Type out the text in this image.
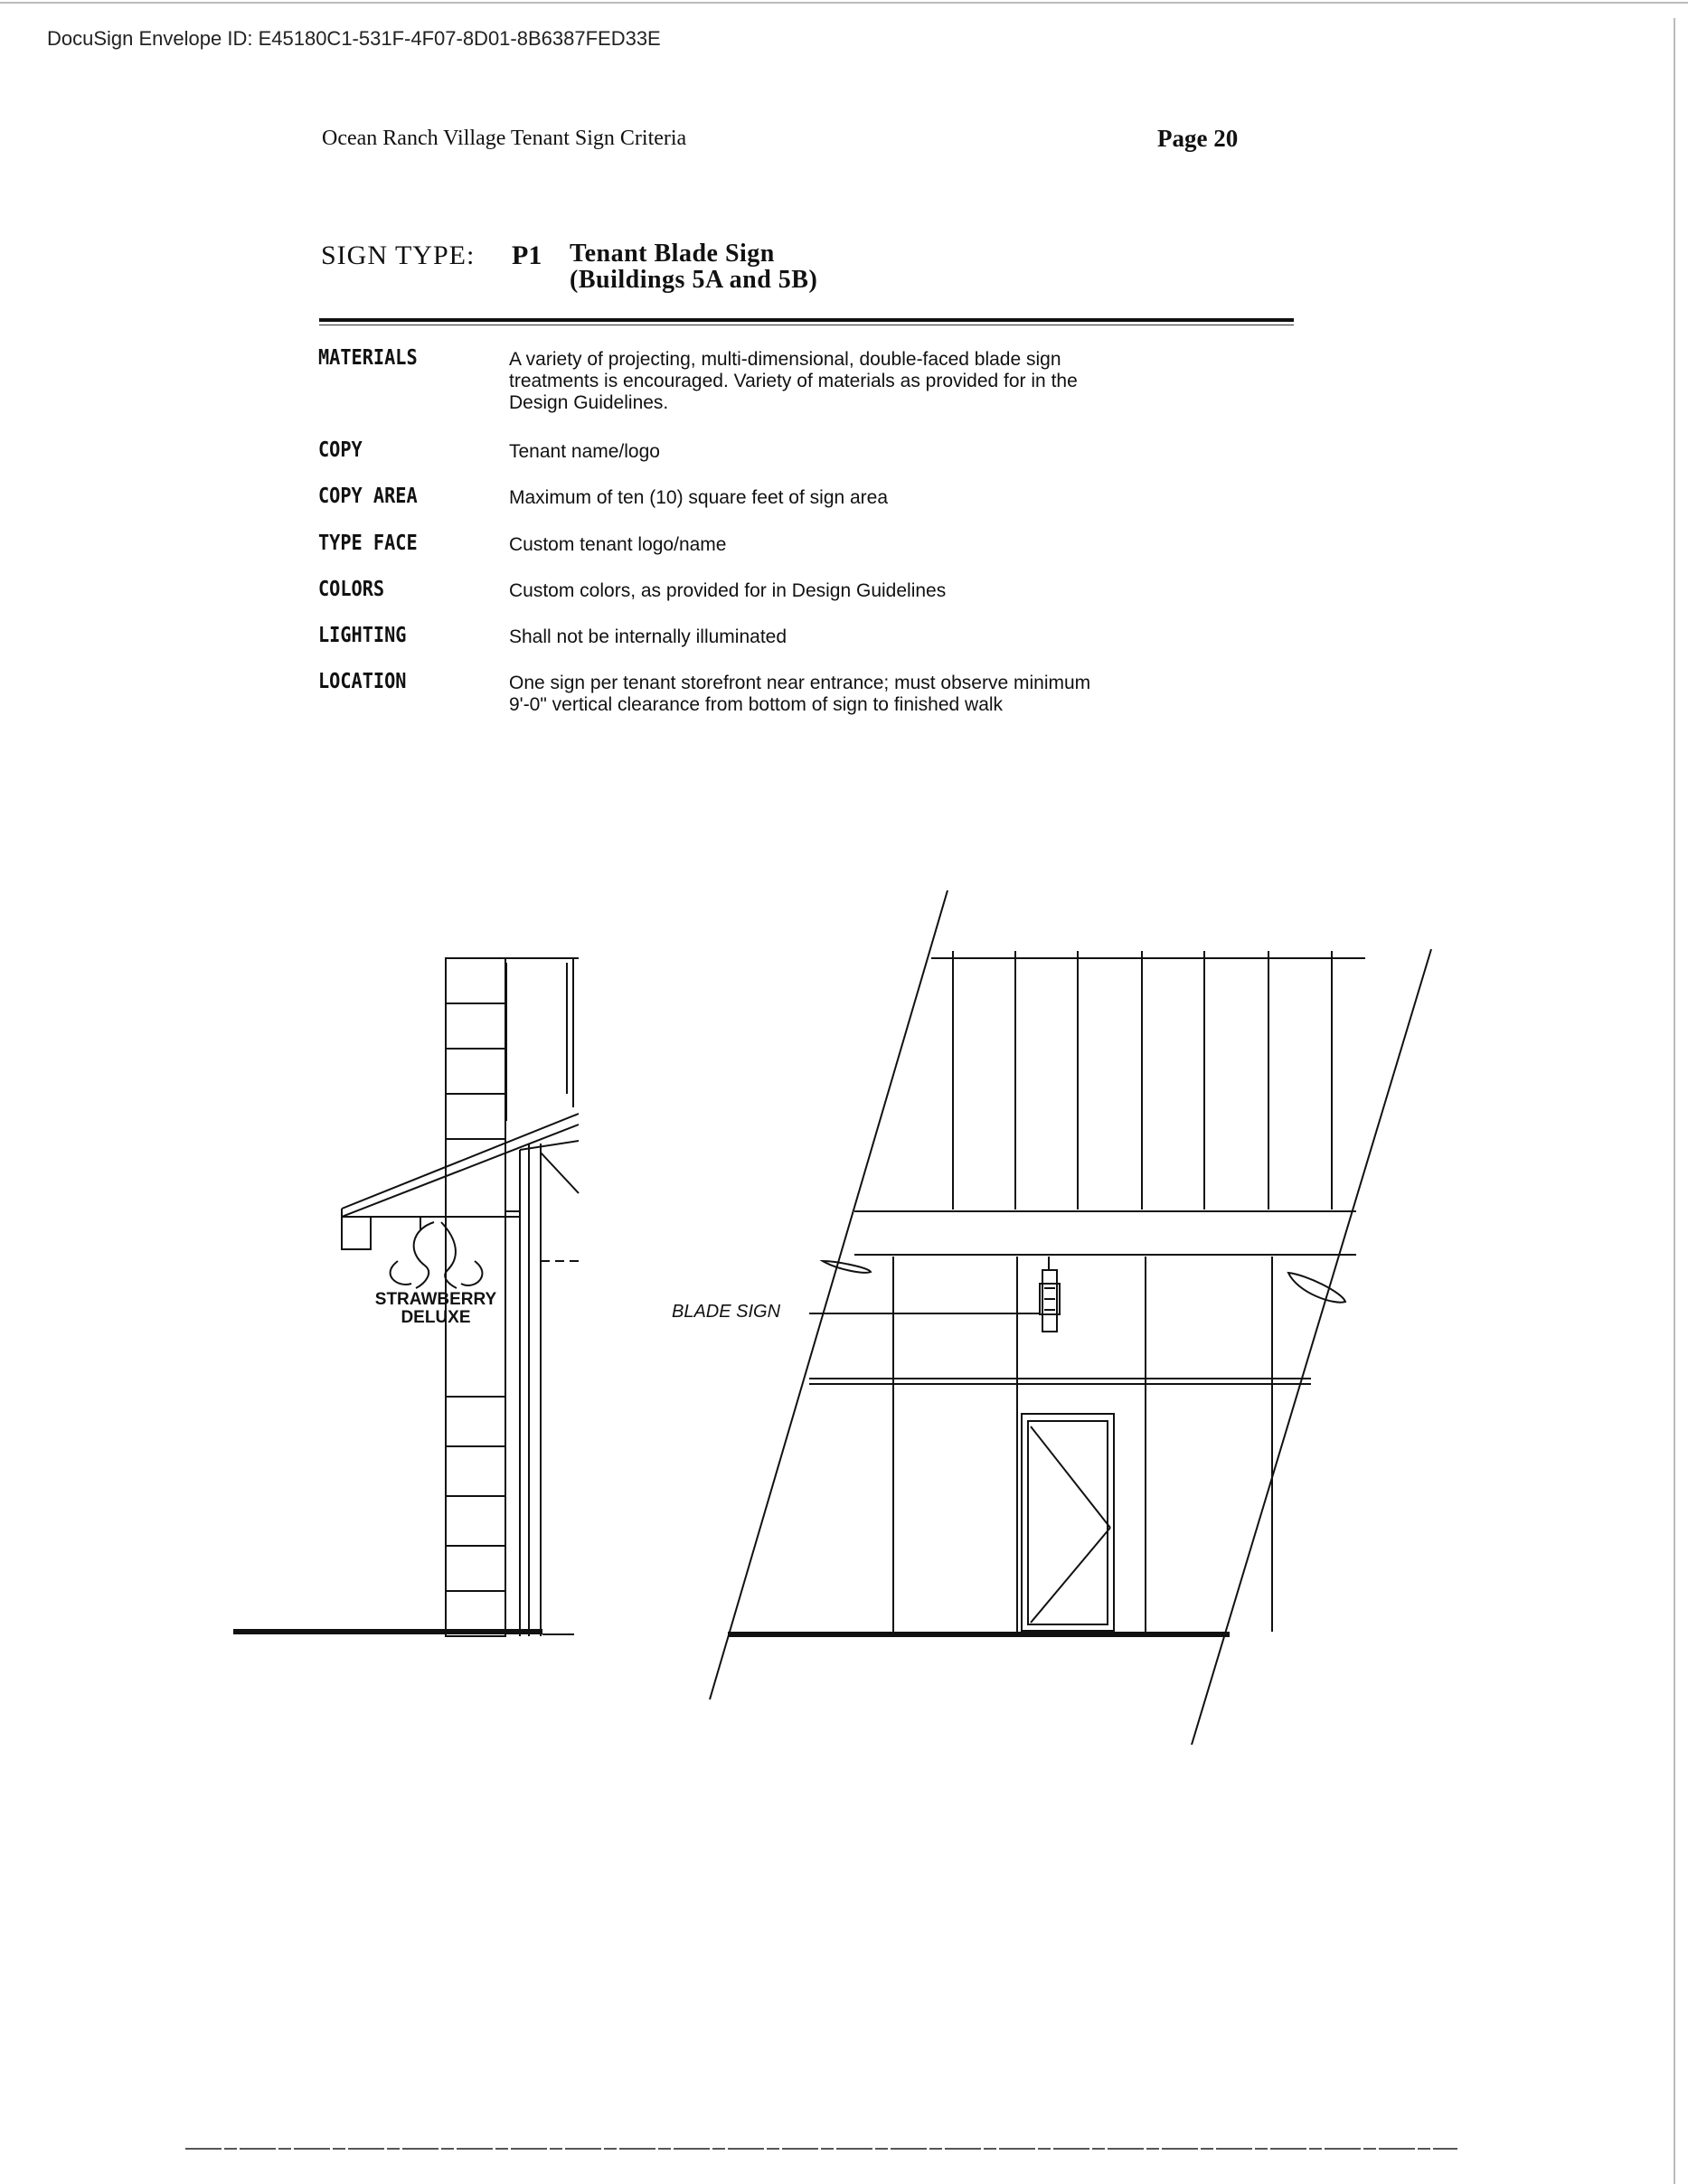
DocuSign Envelope ID: E45180C1-531F-4F07-8D01-8B6387FED33E
Ocean Ranch Village Tenant Sign Criteria	Page 20
SIGN TYPE: P1 Tenant Blade Sign
(Buildings 5A and 5B)
MATERIALS	A variety of projecting, multi-dimensional, double-faced blade sign treatments is encouraged. Variety of materials as provided for in the Design Guidelines.
COPY	Tenant name/logo
COPY AREA	Maximum of ten (10) square feet of sign area
TYPE FACE	Custom tenant logo/name
COLORS	Custom colors, as provided for in Design Guidelines
LIGHTING	Shall not be internally illuminated
LOCATION	One sign per tenant storefront near entrance; must observe minimum 9'-0" vertical clearance from bottom of sign to finished walk
BLADE SIGN
STRAWBERRY
DELUXE
